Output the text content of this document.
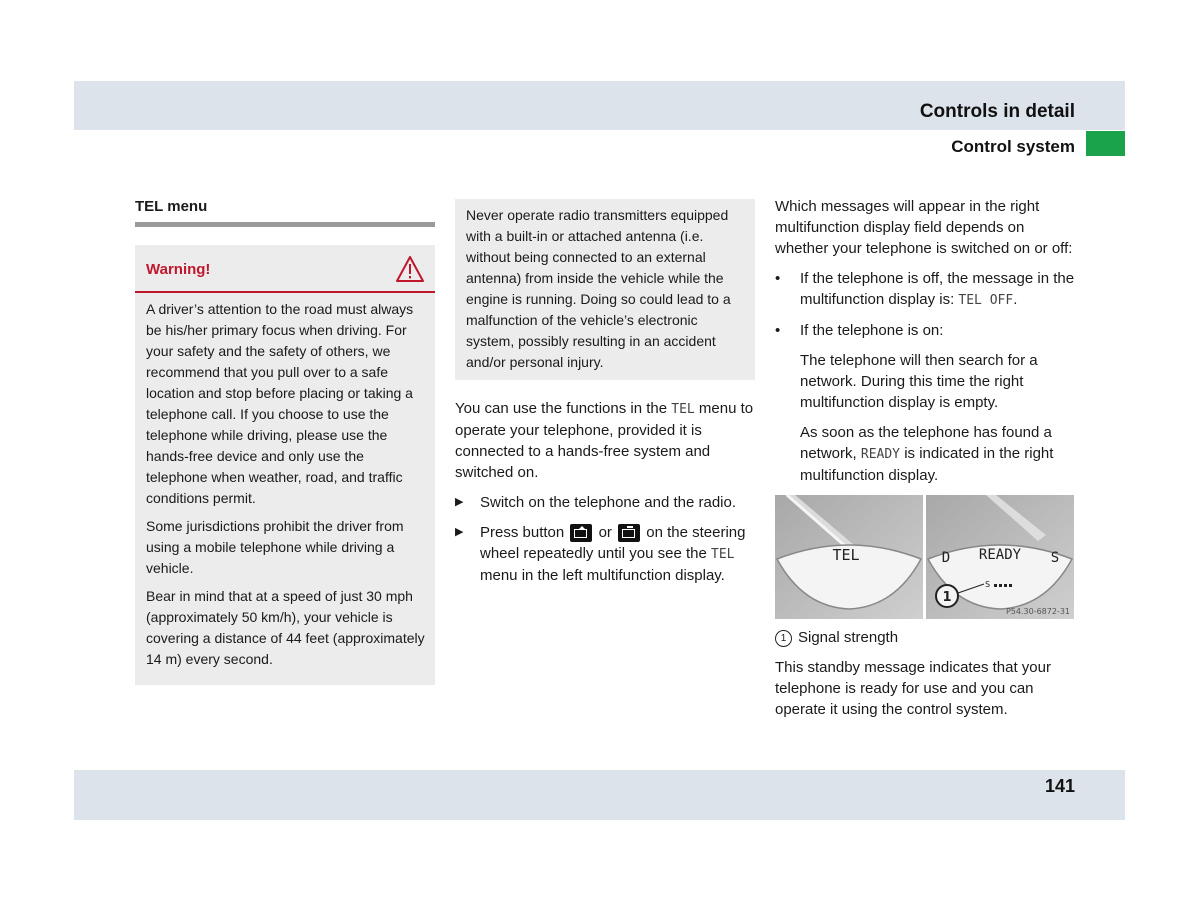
Controls in detail
Control system
TEL menu
Warning!

A driver’s attention to the road must always be his/her primary focus when driving. For your safety and the safety of others, we recommend that you pull over to a safe location and stop before placing or taking a telephone call. If you choose to use the telephone while driving, please use the hands-free device and only use the telephone when weather, road, and traffic conditions permit.

Some jurisdictions prohibit the driver from using a mobile telephone while driving a vehicle.

Bear in mind that at a speed of just 30 mph (approximately 50 km/h), your vehicle is covering a distance of 44 feet (approximately 14 m) every second.

Never operate radio transmitters equipped with a built-in or attached antenna (i.e. without being connected to an external antenna) from inside the vehicle while the engine is running. Doing so could lead to a malfunction of the vehicle’s electronic system, possibly resulting in an accident and/or personal injury.

You can use the functions in the TEL menu to operate your telephone, provided it is connected to a hands-free system and switched on.

▶	Switch on the telephone and the radio.
▶	Press button or on the steering wheel repeatedly until you see the TEL menu in the left multifunction display.

Which messages will appear in the right multifunction display field depends on whether your telephone is switched on or off:

•	If the telephone is off, the message in the multifunction display is: TEL OFF.
•	If the telephone is on:

The telephone will then search for a network. During this time the right multifunction display is empty.

As soon as the telephone has found a network, READY is indicated in the right multifunction display.

TEL	D READY S
S
1
P54.30-6872-31

1 Signal strength

This standby message indicates that your telephone is ready for use and you can operate it using the control system.

141
